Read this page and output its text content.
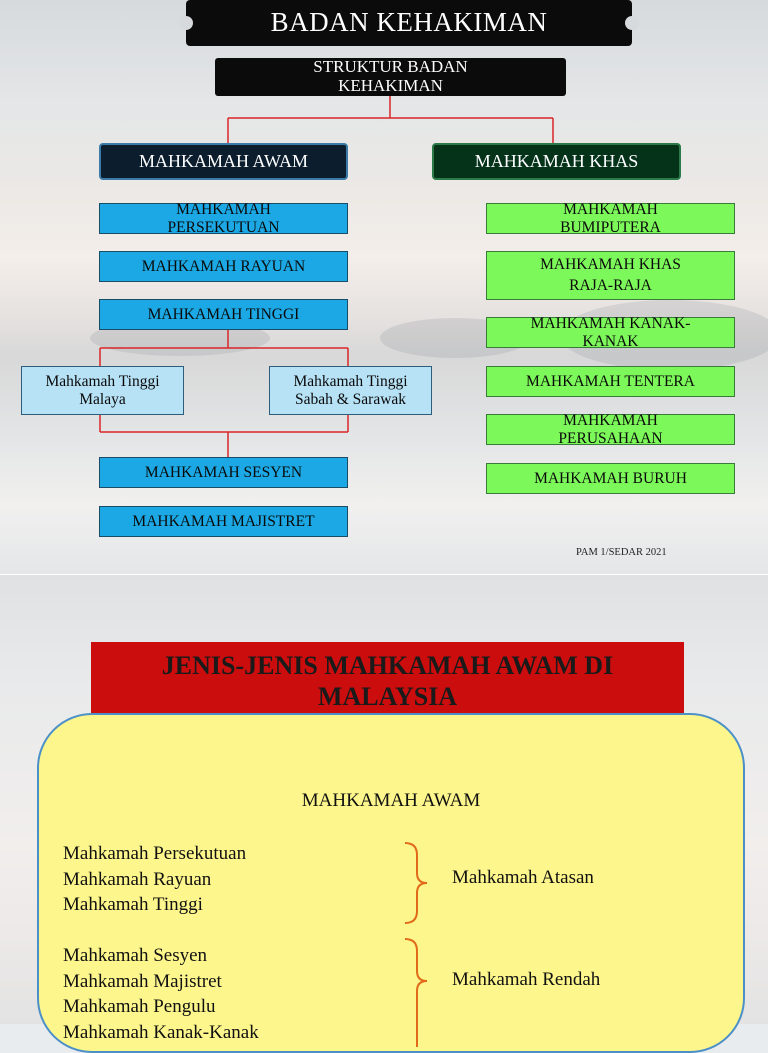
BADAN KEHAKIMAN
STRUKTUR BADAN
KEHAKIMAN
MAHKAMAH AWAM	MAHKAMAH KHAS
MAHKAMAH
PERSEKUTUAN
MAHKAMAH RAYUAN
MAHKAMAH TINGGI
Mahkamah Tinggi
Malaya
Mahkamah Tinggi
Sabah & Sarawak
MAHKAMAH SESYEN
MAHKAMAH MAJISTRET
MAHKAMAH
BUMIPUTERA
MAHKAMAH KHAS
RAJA-RAJA
MAHKAMAH KANAK-
KANAK
MAHKAMAH TENTERA
MAHKAMAH
PERUSAHAAN
MAHKAMAH BURUH
PAM 1/SEDAR 2021
JENIS-JENIS MAHKAMAH AWAM DI
MALAYSIA
MAHKAMAH AWAM
Mahkamah Persekutuan
Mahkamah Rayuan
Mahkamah Tinggi
Mahkamah Atasan
Mahkamah Sesyen
Mahkamah Majistret
Mahkamah Pengulu
Mahkamah Kanak-Kanak
Mahkamah Rendah
